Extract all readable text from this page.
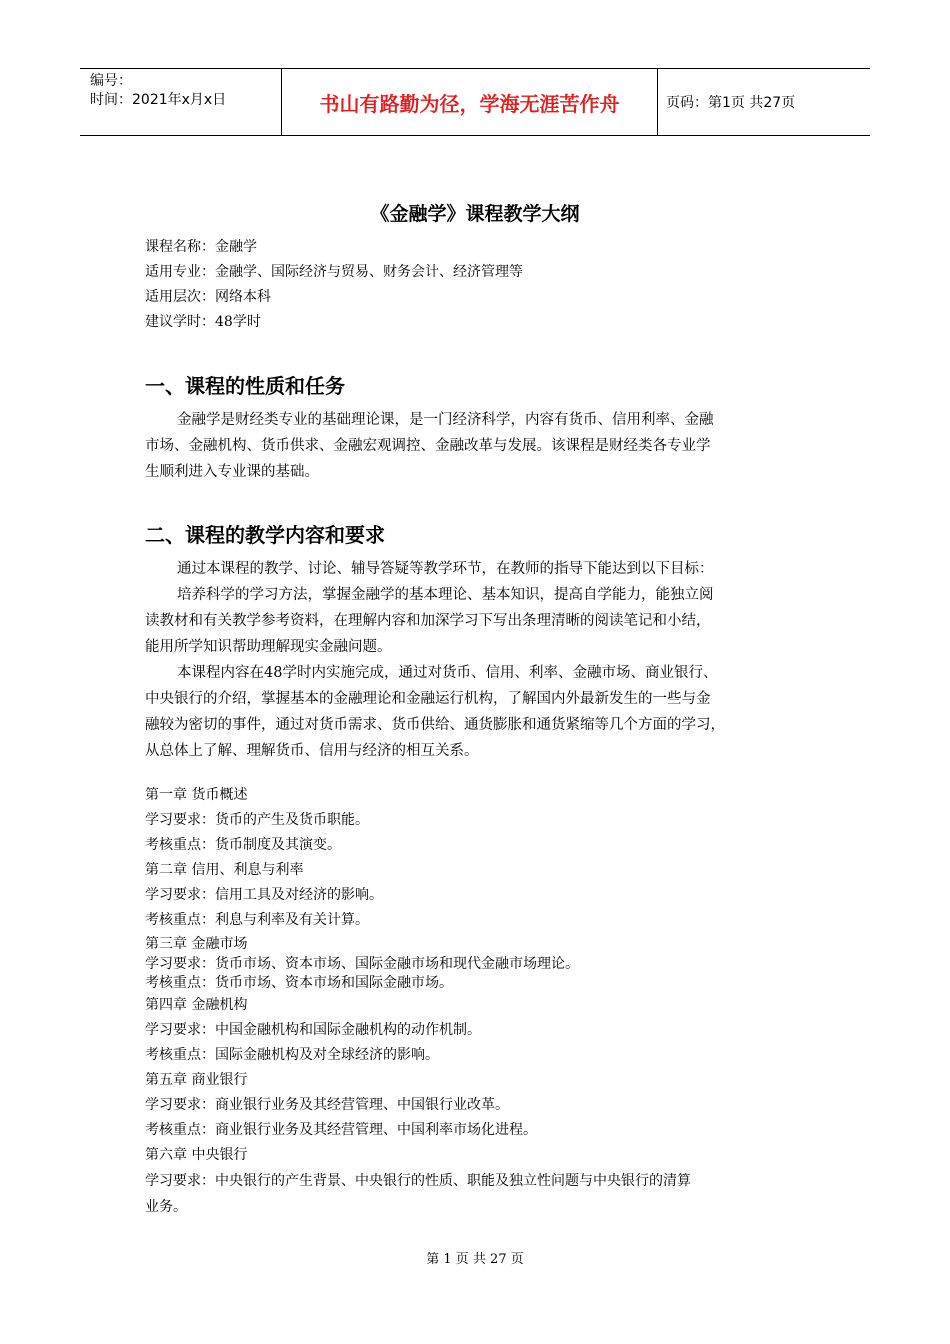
编号：
时间：2021年x月x日	书山有路勤为径，学海无涯苦作舟	页码：第1页 共27页
《金融学》课程教学大纲
课程名称：金融学
适用专业：金融学、国际经济与贸易、财务会计、经济管理等
适用层次：网络本科
建议学时：48学时
一、课程的性质和任务
金融学是财经类专业的基础理论课，是一门经济科学，内容有货币、信用利率、金融
市场、金融机构、货币供求、金融宏观调控、金融改革与发展。该课程是财经类各专业学
生顺利进入专业课的基础。
二、课程的教学内容和要求
通过本课程的教学、讨论、辅导答疑等教学环节，在教师的指导下能达到以下目标：
培养科学的学习方法，掌握金融学的基本理论、基本知识，提高自学能力，能独立阅
读教材和有关教学参考资料，在理解内容和加深学习下写出条理清晰的阅读笔记和小结，
能用所学知识帮助理解现实金融问题。
本课程内容在48学时内实施完成，通过对货币、信用、利率、金融市场、商业银行、
中央银行的介绍，掌握基本的金融理论和金融运行机构，了解国内外最新发生的一些与金
融较为密切的事件，通过对货币需求、货币供给、通货膨胀和通货紧缩等几个方面的学习，
从总体上了解、理解货币、信用与经济的相互关系。
第一章 货币概述
学习要求：货币的产生及货币职能。
考核重点：货币制度及其演变。
第二章 信用、利息与利率
学习要求：信用工具及对经济的影响。
考核重点：利息与利率及有关计算。
第三章 金融市场
学习要求：货币市场、资本市场、国际金融市场和现代金融市场理论。
考核重点：货币市场、资本市场和国际金融市场。
第四章 金融机构
学习要求：中国金融机构和国际金融机构的动作机制。
考核重点：国际金融机构及对全球经济的影响。
第五章 商业银行
学习要求：商业银行业务及其经营管理、中国银行业改革。
考核重点：商业银行业务及其经营管理、中国利率市场化进程。
第六章 中央银行
学习要求：中央银行的产生背景、中央银行的性质、职能及独立性问题与中央银行的清算
业务。
第 1 页 共 27 页
